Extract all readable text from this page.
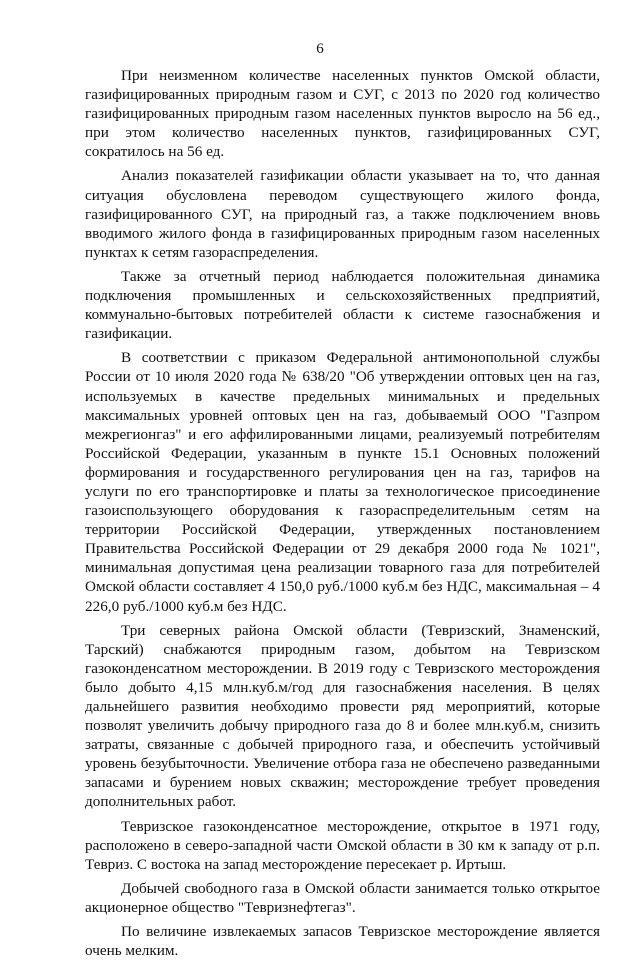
6

При неизменном количестве населенных пунктов Омской области, газифицированных природным газом и СУГ, с 2013 по 2020 год количество газифицированных природным газом населенных пунктов выросло на 56 ед., при этом количество населенных пунктов, газифицированных СУГ, сократилось на 56 ед.

Анализ показателей газификации области указывает на то, что данная ситуация обусловлена переводом существующего жилого фонда, газифицированного СУГ, на природный газ, а также подключением вновь вводимого жилого фонда в газифицированных природным газом населенных пунктах к сетям газораспределения.

Также за отчетный период наблюдается положительная динамика подключения промышленных и сельскохозяйственных предприятий, коммунально-бытовых потребителей области к системе газоснабжения и газификации.

В соответствии с приказом Федеральной антимонопольной службы России от 10 июля 2020 года № 638/20 "Об утверждении оптовых цен на газ, используемых в качестве предельных минимальных и предельных максимальных уровней оптовых цен на газ, добываемый ООО "Газпром межрегионгаз" и его аффилированными лицами, реализуемый потребителям Российской Федерации, указанным в пункте 15.1 Основных положений формирования и государственного регулирования цен на газ, тарифов на услуги по его транспортировке и платы за технологическое присоединение газоиспользующего оборудования к газораспределительным сетям на территории Российской Федерации, утвержденных постановлением Правительства Российской Федерации от 29 декабря 2000 года № 1021", минимальная допустимая цена реализации товарного газа для потребителей Омской области составляет 4 150,0 руб./1000 куб.м без НДС, максимальная – 4 226,0 руб./1000 куб.м без НДС.

Три северных района Омской области (Тевризский, Знаменский, Тарский) снабжаются природным газом, добытом на Тевризском газоконденсатном месторождении. В 2019 году с Тевризского месторождения было добыто 4,15 млн.куб.м/год для газоснабжения населения. В целях дальнейшего развития необходимо провести ряд мероприятий, которые позволят увеличить добычу природного газа до 8 и более млн.куб.м, снизить затраты, связанные с добычей природного газа, и обеспечить устойчивый уровень безубыточности. Увеличение отбора газа не обеспечено разведанными запасами и бурением новых скважин; месторождение требует проведения дополнительных работ.

Тевризское газоконденсатное месторождение, открытое в 1971 году, расположено в северо-западной части Омской области в 30 км к западу от р.п. Тевриз. С востока на запад месторождение пересекает р. Иртыш.

Добычей свободного газа в Омской области занимается только открытое акционерное общество "Тевризнефтегаз".

По величине извлекаемых запасов Тевризское месторождение является очень мелким.
